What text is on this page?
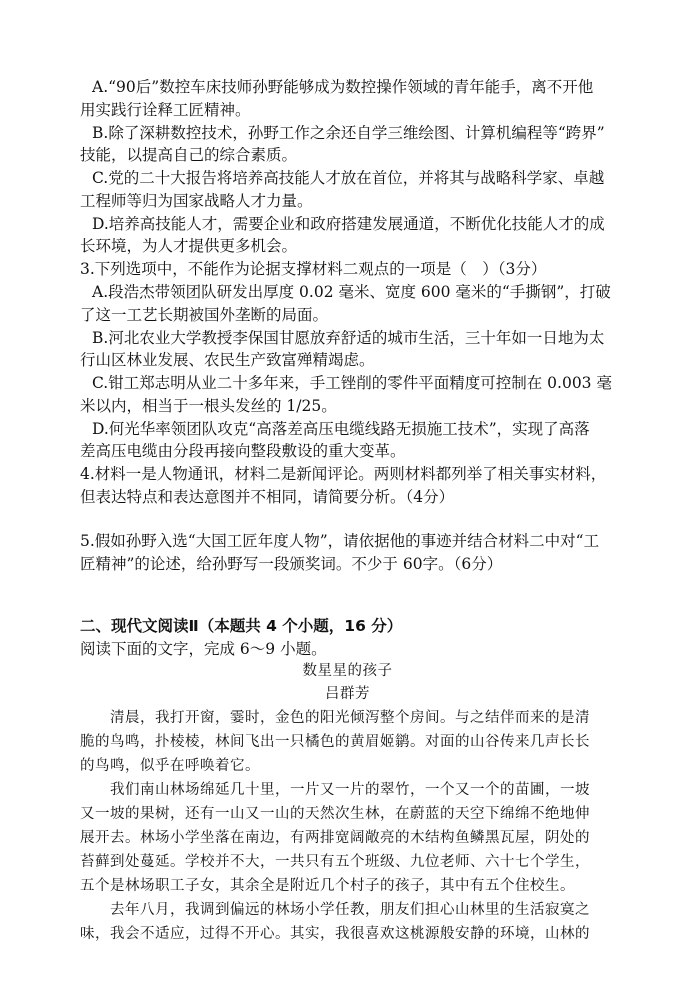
A.“90后”数控车床技师孙野能够成为数控操作领域的青年能手，离不开他
用实践行诠释工匠精神。
B.除了深耕数控技术，孙野工作之余还自学三维绘图、计算机编程等“跨界”
技能，以提高自己的综合素质。
C.党的二十大报告将培养高技能人才放在首位，并将其与战略科学家、卓越
工程师等归为国家战略人才力量。
D.培养高技能人才，需要企业和政府搭建发展通道，不断优化技能人才的成
长环境，为人才提供更多机会。
3.下列选项中，不能作为论据支撑材料二观点的一项是（　）（3分）
A.段浩杰带领团队研发出厚度 0.02 毫米、宽度 600 毫米的“手撕钢”，打破
了这一工艺长期被国外垄断的局面。
B.河北农业大学教授李保国甘愿放弃舒适的城市生活，三十年如一日地为太
行山区林业发展、农民生产致富殚精竭虑。
C.钳工郑志明从业二十多年来，手工锉削的零件平面精度可控制在 0.003 毫
米以内，相当于一根头发丝的 1/25。
D.何光华率领团队攻克“高落差高压电缆线路无损施工技术”，实现了高落
差高压电缆由分段再接向整段敷设的重大变革。
4.材料一是人物通讯，材料二是新闻评论。两则材料都列举了相关事实材料，
但表达特点和表达意图并不相同，请简要分析。（4分）
5.假如孙野入选“大国工匠年度人物”，请依据他的事迹并结合材料二中对“工
匠精神”的论述，给孙野写一段颁奖词。不少于 60字。（6分）
二、现代文阅读Ⅱ（本题共 4 个小题，16 分）
阅读下面的文字，完成 6～9 小题。
数星星的孩子
吕群芳
清晨，我打开窗，霎时，金色的阳光倾泻整个房间。与之结伴而来的是清
脆的鸟鸣，扑棱棱，林间飞出一只橘色的黄眉姬鹟。对面的山谷传来几声长长
的鸟鸣，似乎在呼唤着它。
我们南山林场绵延几十里，一片又一片的翠竹，一个又一个的苗圃，一坡
又一坡的果树，还有一山又一山的天然次生林，在蔚蓝的天空下绵绵不绝地伸
展开去。林场小学坐落在南边，有两排宽阔敞亮的木结构鱼鳞黑瓦屋，阴处的
苔藓到处蔓延。学校并不大，一共只有五个班级、九位老师、六十七个学生，
五个是林场职工子女，其余全是附近几个村子的孩子，其中有五个住校生。
去年八月，我调到偏远的林场小学任教，朋友们担心山林里的生活寂寞之
味，我会不适应，过得不开心。其实，我很喜欢这桃源般安静的环境，山林的
